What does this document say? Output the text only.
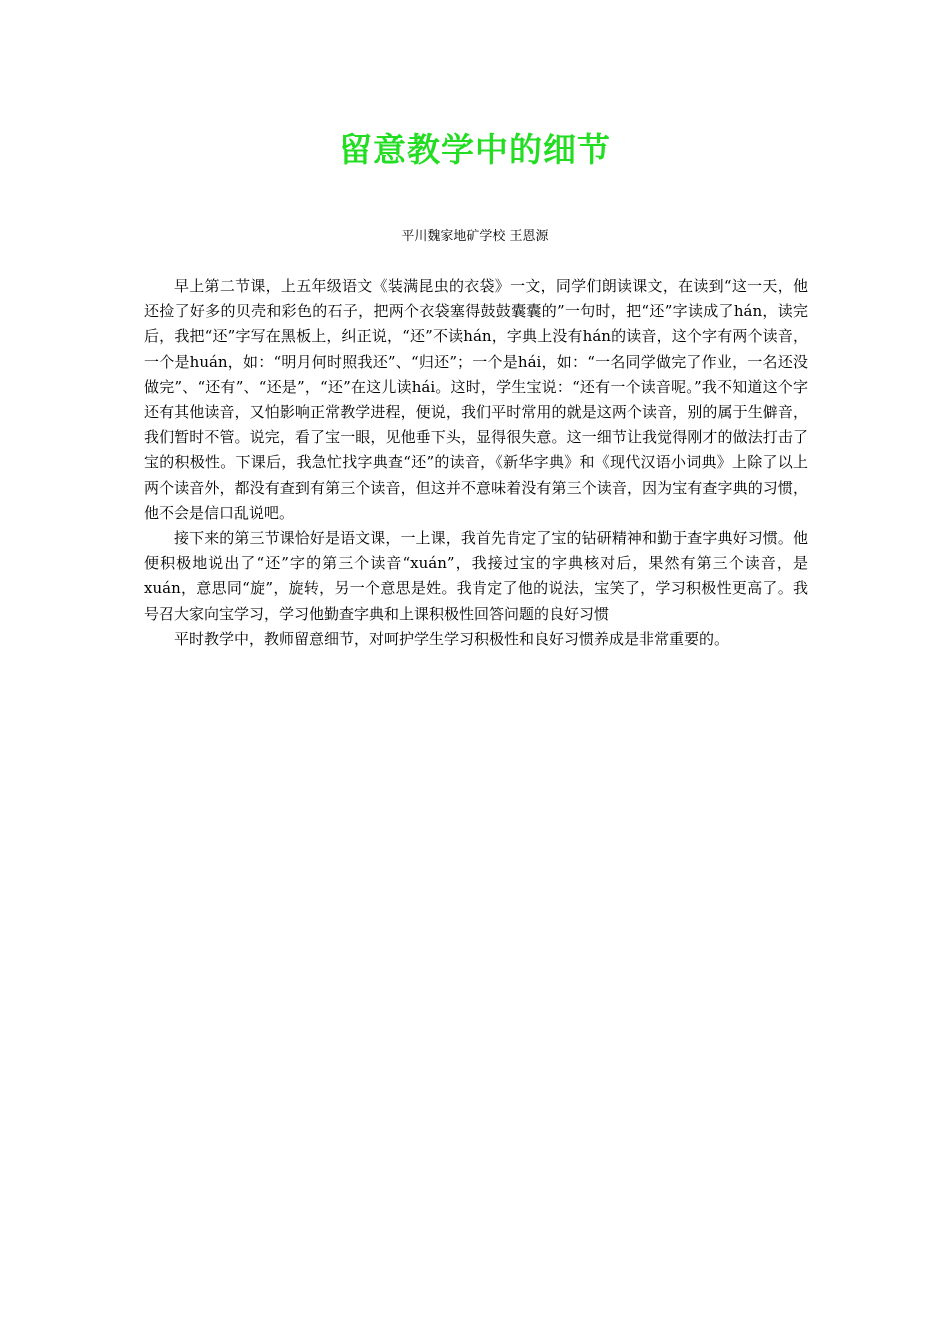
留意教学中的细节
平川魏家地矿学校 王恩源

早上第二节课，上五年级语文《装满昆虫的衣袋》一文，同学们朗读课文，在读到“这一天，他还捡了好多的贝壳和彩色的石子，把两个衣袋塞得鼓鼓囊囊的”一句时，把“还”字读成了hán，读完后，我把“还”字写在黑板上，纠正说，“还”不读hán，字典上没有hán的读音，这个字有两个读音，一个是huán，如：“明月何时照我还”、“归还”；一个是hái，如：“一名同学做完了作业，一名还没做完”、“还有”、“还是”，“还”在这儿读hái。这时，学生宝说：“还有一个读音呢。”我不知道这个字还有其他读音，又怕影响正常教学进程，便说，我们平时常用的就是这两个读音，别的属于生僻音，我们暂时不管。说完，看了宝一眼，见他垂下头，显得很失意。这一细节让我觉得刚才的做法打击了宝的积极性。下课后，我急忙找字典查“还”的读音，《新华字典》和《现代汉语小词典》上除了以上两个读音外，都没有查到有第三个读音，但这并不意味着没有第三个读音，因为宝有查字典的习惯，他不会是信口乱说吧。

接下来的第三节课恰好是语文课，一上课，我首先肯定了宝的钻研精神和勤于查字典好习惯。他便积极地说出了“还”字的第三个读音“xuán”，我接过宝的字典核对后，果然有第三个读音，是xuán，意思同“旋”，旋转，另一个意思是姓。我肯定了他的说法，宝笑了，学习积极性更高了。我号召大家向宝学习，学习他勤查字典和上课积极性回答问题的良好习惯

平时教学中，教师留意细节，对呵护学生学习积极性和良好习惯养成是非常重要的。
